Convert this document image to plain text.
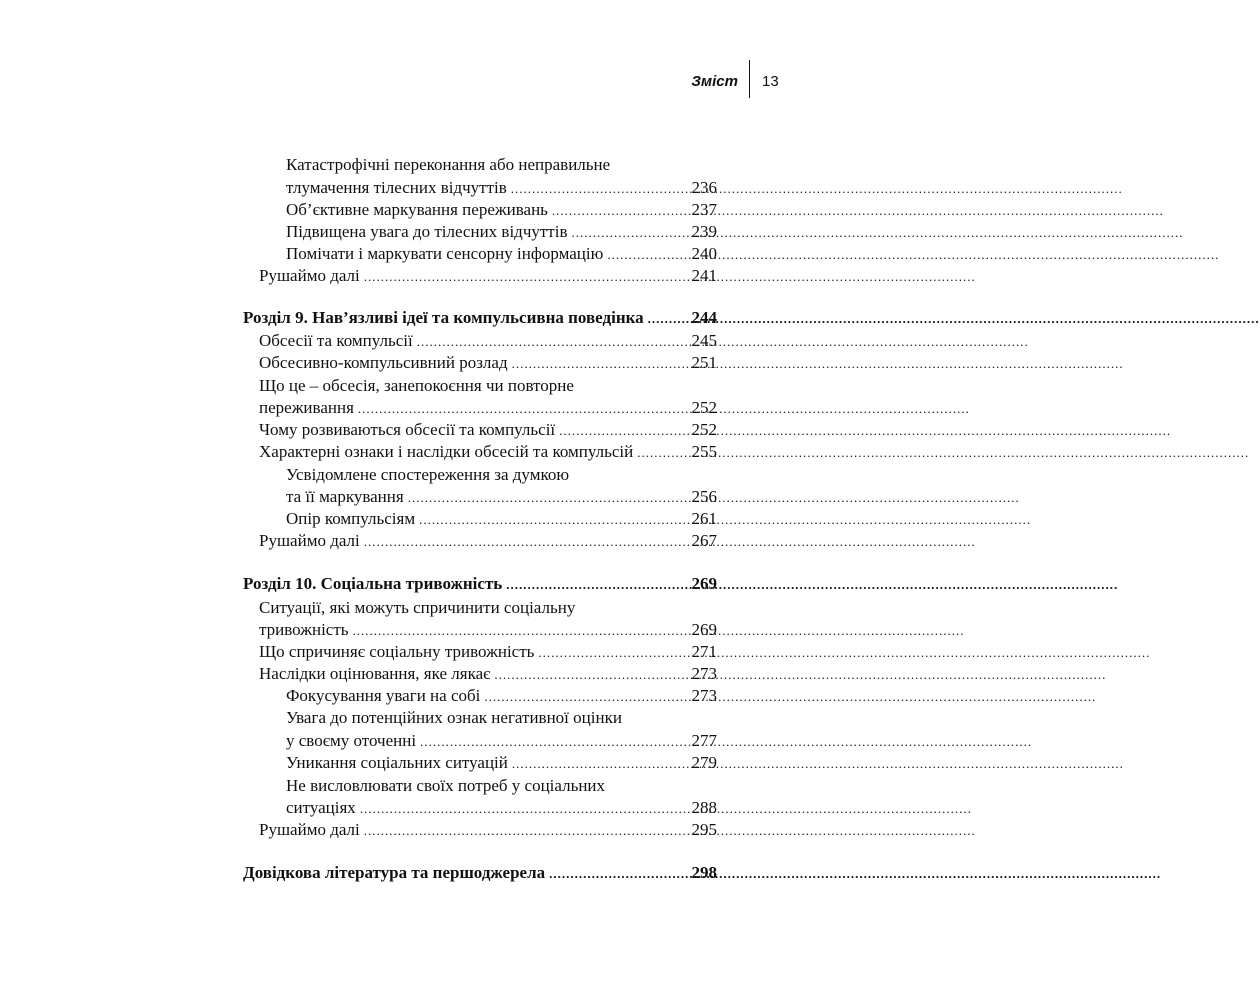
Зміст 13
Катастрофічні переконання або неправильне
тлумачення тілесних відчуттів .....	236
Об’єктивне маркування переживань .....	237
Підвищена увага до тілесних відчуттів .....	239
Помічати і маркувати сенсорну інформацію .....	240
Рушаймо далі .....	241
Розділ 9. Нав’язливі ідеї та компульсивна поведінка .....	244
Обсесії та компульсії .....	245
Обсесивно-компульсивний розлад .....	251
Що це – обсесія, занепокоєння чи повторне
переживання .....	252
Чому розвиваються обсесії та компульсії .....	252
Характерні ознаки і наслідки обсесій та компульсій .....	255
Усвідомлене спостереження за думкою
та її маркування .....	256
Опір компульсіям .....	261
Рушаймо далі .....	267
Розділ 10. Соціальна тривожність .....	269
Ситуації, які можуть спричинити соціальну
тривожність .....	269
Що спричиняє соціальну тривожність .....	271
Наслідки оцінювання, яке лякає .....	273
Фокусування уваги на собі .....	273
Увага до потенційних ознак негативної оцінки
у своєму оточенні .....	277
Уникання соціальних ситуацій .....	279
Не висловлювати своїх потреб у соціальних
ситуаціях .....	288
Рушаймо далі .....	295
Довідкова література та першоджерела .....	298
